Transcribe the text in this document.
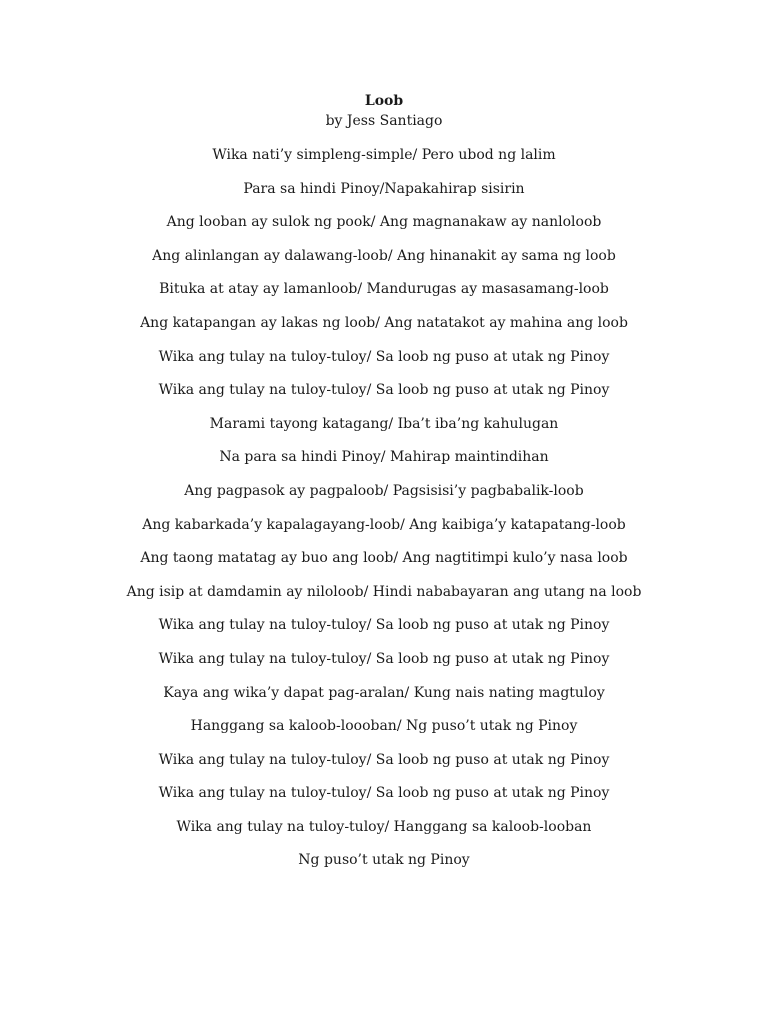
Loob
by Jess Santiago
Wika nati’y simpleng-simple/ Pero ubod ng lalim
Para sa hindi Pinoy/Napakahirap sisirin
Ang looban ay sulok ng pook/ Ang magnanakaw ay nanloloob
Ang alinlangan ay dalawang-loob/ Ang hinanakit ay sama ng loob
Bituka at atay ay lamanloob/ Mandurugas ay masasamang-loob
Ang katapangan ay lakas ng loob/ Ang natatakot ay mahina ang loob
Wika ang tulay na tuloy-tuloy/ Sa loob ng puso at utak ng Pinoy
Wika ang tulay na tuloy-tuloy/ Sa loob ng puso at utak ng Pinoy
Marami tayong katagang/ Iba’t iba’ng kahulugan
Na para sa hindi Pinoy/ Mahirap maintindihan
Ang pagpasok ay pagpaloob/ Pagsisisi’y pagbabalik-loob
Ang kabarkada’y kapalagayang-loob/ Ang kaibiga’y katapatang-loob
Ang taong matatag ay buo ang loob/ Ang nagtitimpi kulo’y nasa loob
Ang isip at damdamin ay niloloob/ Hindi nababayaran ang utang na loob
Wika ang tulay na tuloy-tuloy/ Sa loob ng puso at utak ng Pinoy
Wika ang tulay na tuloy-tuloy/ Sa loob ng puso at utak ng Pinoy
Kaya ang wika’y dapat pag-aralan/ Kung nais nating magtuloy
Hanggang sa kaloob-loooban/ Ng puso’t utak ng Pinoy
Wika ang tulay na tuloy-tuloy/ Sa loob ng puso at utak ng Pinoy
Wika ang tulay na tuloy-tuloy/ Sa loob ng puso at utak ng Pinoy
Wika ang tulay na tuloy-tuloy/ Hanggang sa kaloob-looban
Ng puso’t utak ng Pinoy
